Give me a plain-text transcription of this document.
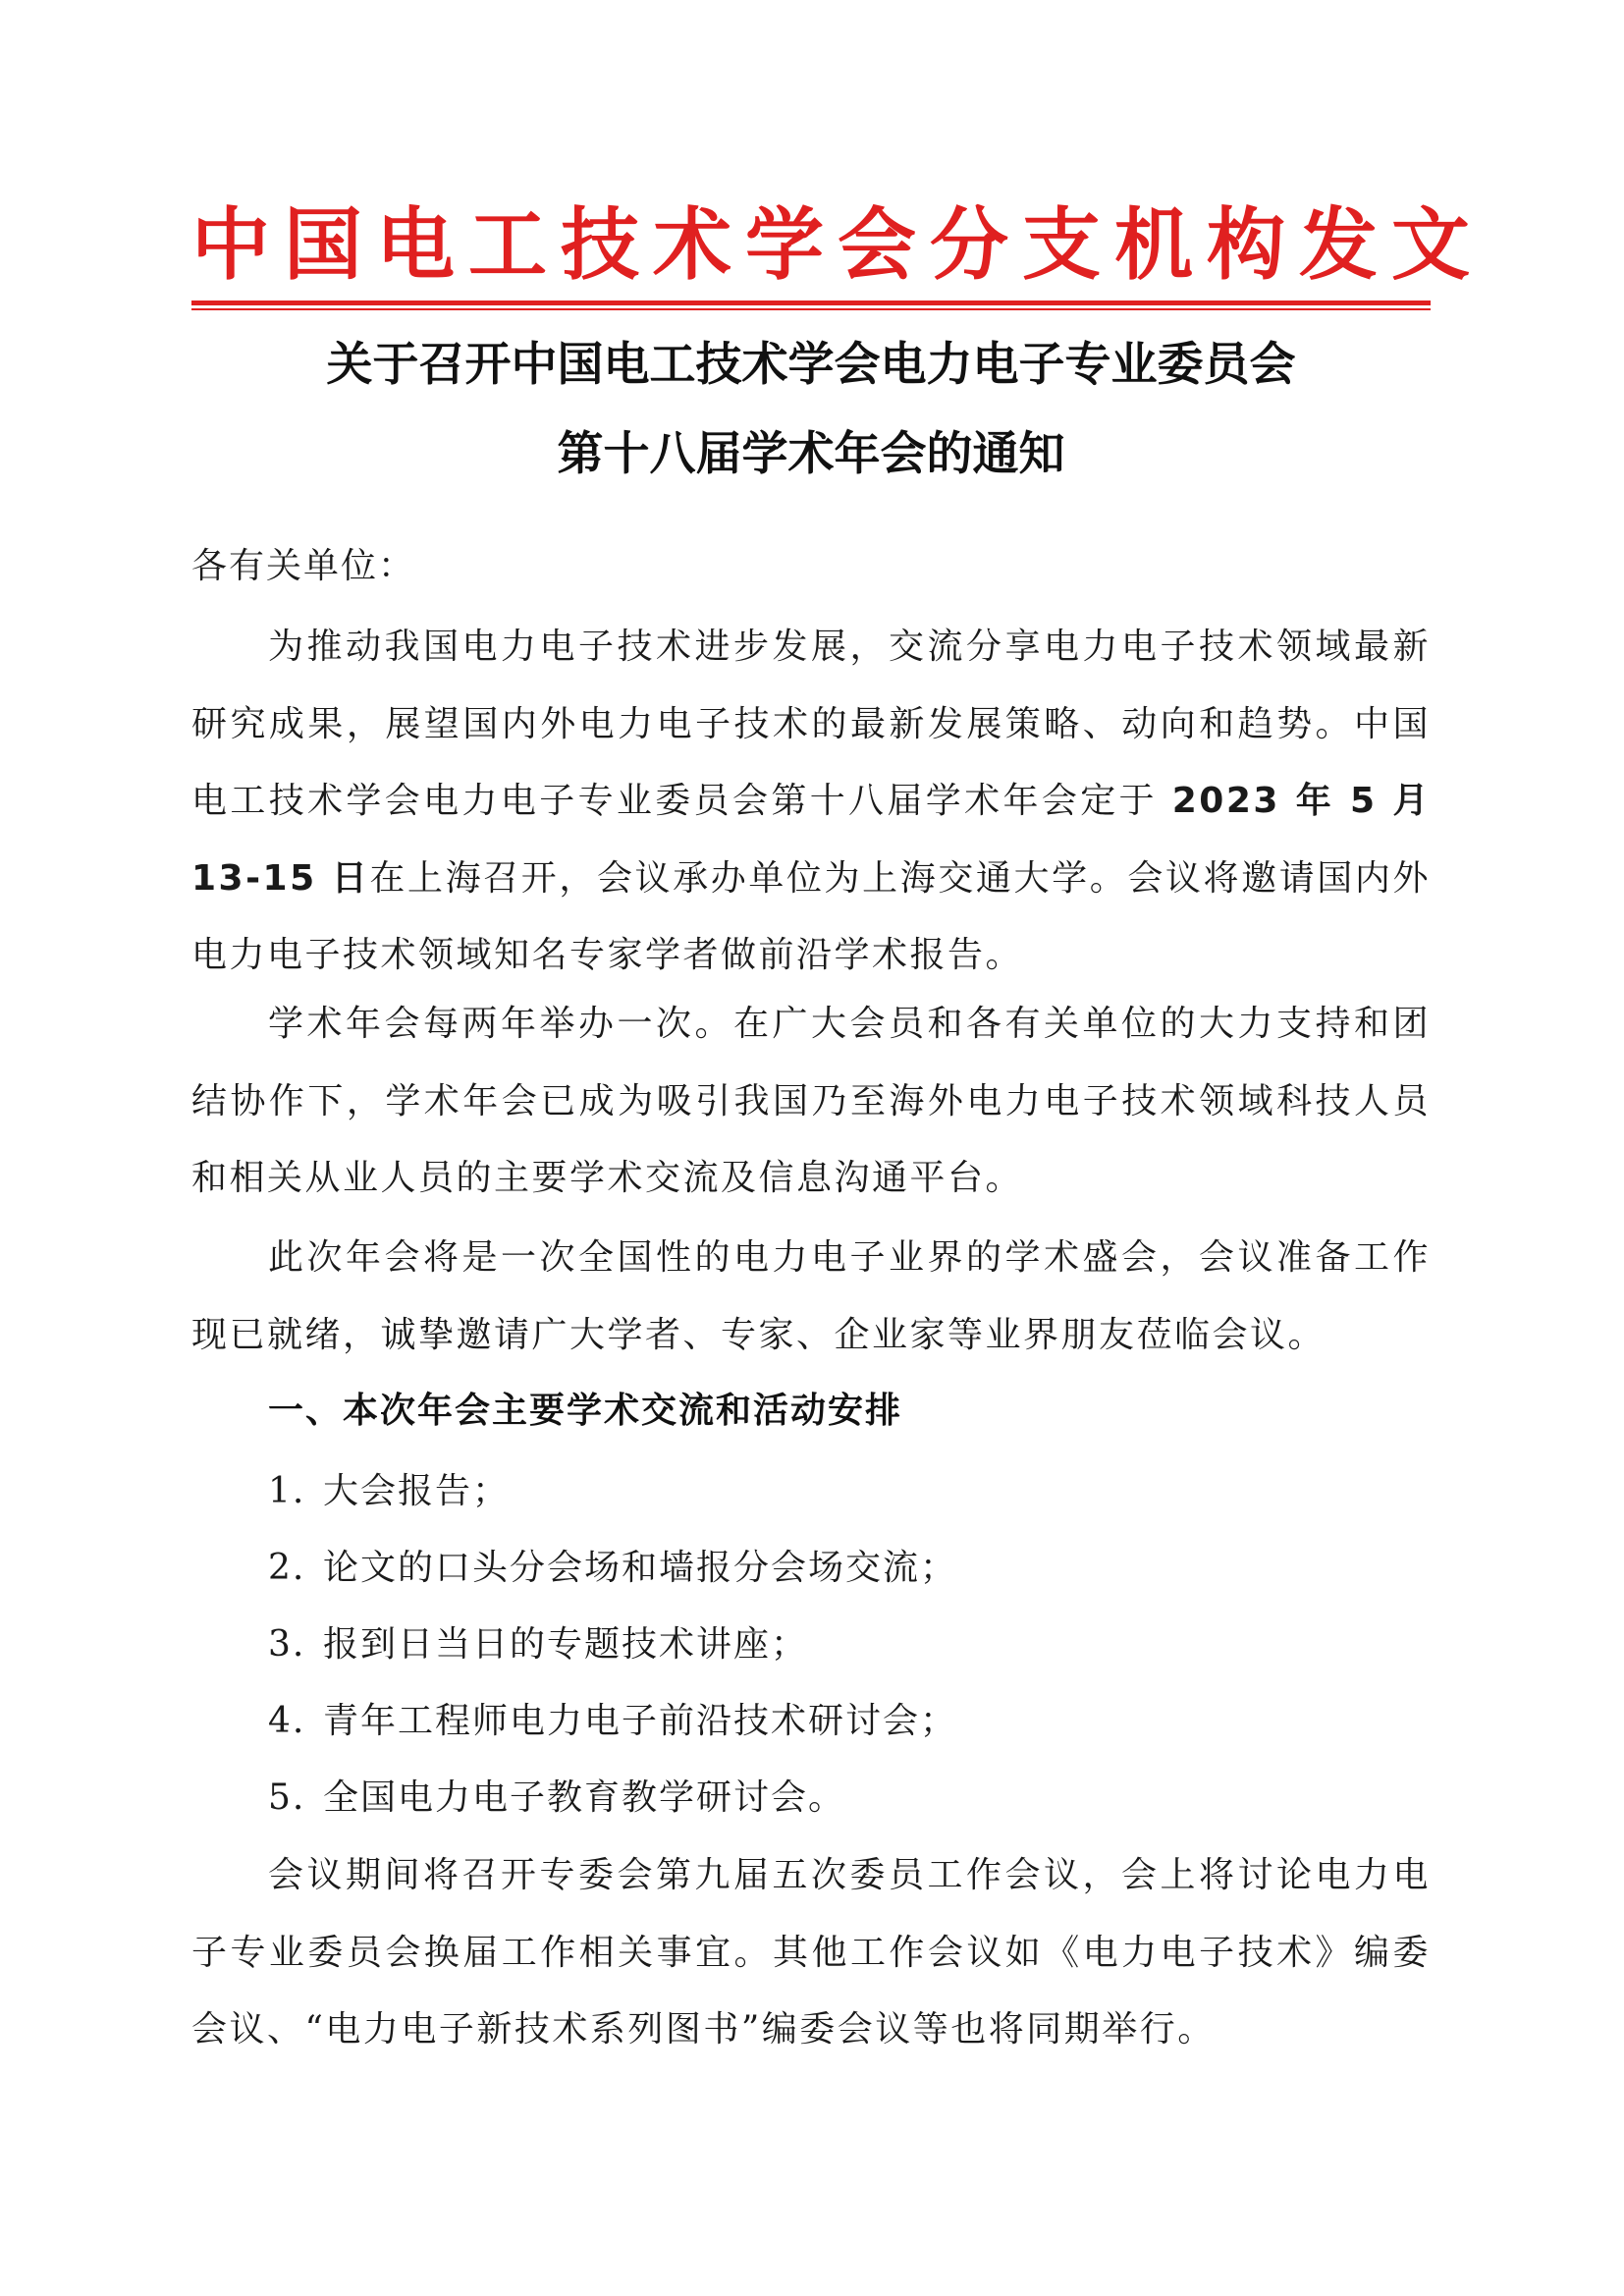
中国电工技术学会分支机构发文
关于召开中国电工技术学会电力电子专业委员会
第十八届学术年会的通知
各有关单位：
为推动我国电力电子技术进步发展，交流分享电力电子技术领域最新研究成果，展望国内外电力电子技术的最新发展策略、动向和趋势。中国电工技术学会电力电子专业委员会第十八届学术年会定于 2023 年 5 月 13-15 日在上海召开，会议承办单位为上海交通大学。会议将邀请国内外电力电子技术领域知名专家学者做前沿学术报告。
学术年会每两年举办一次。在广大会员和各有关单位的大力支持和团结协作下，学术年会已成为吸引我国乃至海外电力电子技术领域科技人员和相关从业人员的主要学术交流及信息沟通平台。
此次年会将是一次全国性的电力电子业界的学术盛会，会议准备工作现已就绪，诚挚邀请广大学者、专家、企业家等业界朋友莅临会议。
一、本次年会主要学术交流和活动安排
1. 大会报告；
2. 论文的口头分会场和墙报分会场交流；
3. 报到日当日的专题技术讲座；
4. 青年工程师电力电子前沿技术研讨会；
5. 全国电力电子教育教学研讨会。
会议期间将召开专委会第九届五次委员工作会议，会上将讨论电力电子专业委员会换届工作相关事宜。其他工作会议如《电力电子技术》编委会议、“电力电子新技术系列图书”编委会议等也将同期举行。
